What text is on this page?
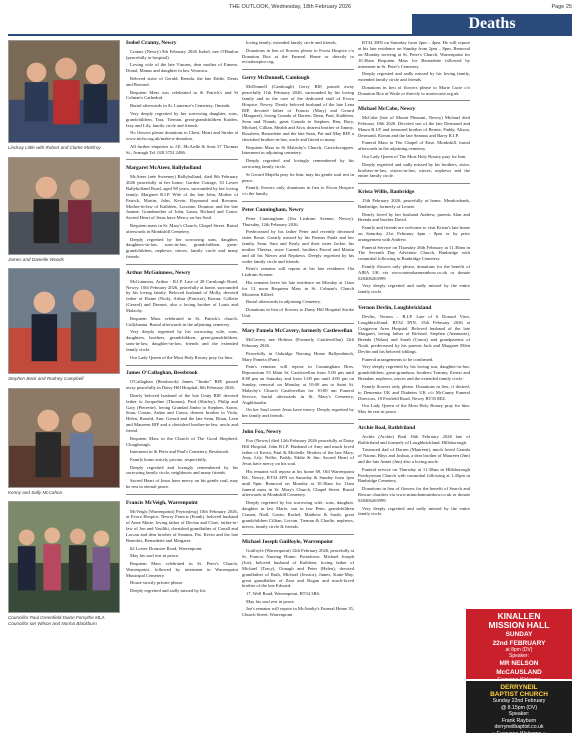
THE OUTLOOK, Wednesday, 18th February 2026	Page 25
Deaths
Lindsay Little with Robert and Clarke McElroy
James and Danielle Woods
Stephen Beck and Rodney Campbell
Kenny and Sally McCahon
Councillor Paul Greenfield Diane Forsythe MLA Councillor Ian Wilson and Norma Blackburn
Isobel Cranny, Newry

Cranny (Newry) 8th February 2026 Isobel, nee O'Hanlon (peacefully in hospital).

Loving wife of the late Vincent, dear mother of Eimear, Donal, Manus and daughter in law Veronica.

Beloved sister of Gerald, Brenda, the late Eddie, Denis and Bernard.

Requiem Mass was celebrated in St Patrick's and St Colman's Cathedral.

Burial afterwards in St. Laurence's Cemetery, Omeath.

Very deeply regretted by her sorrowing daughter, sons, grandchildren, Tara, Tiernan, great-grandchildren Kaiden, Izzy and Lily, family circle and friends.

No flowers please donations to Chest, Heart and Stroke at www.nichs.org.uk/make-a-donation.

All further enquiries to J.E. McArdle & Sons 37 Thomas St., Armagh Tel. 028 3752 2486.

Margaret McAteer, Ballyholland

McAteer (née Sweeney) Ballyholland, died 8th February 2026 peacefully at her home, Garden Cottage, 33 Lower Ballyholland Road, aged 98 years, surrounded by her loving family. Margaret R.I.P. Wife of the late John, Mother of Patrick, Martin, John, Kevin, Raymond and Rowann. Mother-in-law of Kathleen, Lorraine, Dominic and the late Joanne. Grandmother of John, Laura, Richard and Conor. Sacred Heart of Jesus have Mercy on her Soul.

Requiem mass in St. Mary's Church, Chapel Street. Burial afterwards in Monkshill Cemetery.

Deeply regretted by her sorrowing sons, daughter, daughters-in-law, sons-in-law, grandchildren, great-grandchildren, nephews, nieces, family circle and many friends.

Arthur McGuinness, Newry

McGuinness, Arthur - R.I.P. Late of 28 Carnlough Road, Newry. 10th February 2026, peacefully at home, surrounded by his loving family. Beloved husband of Molly, devoted father of Elaine (Nick), Arthur (Patricia), Kieran, Collette (Gerard) and Dermot, also a loving brother of Louis and Malachy.

Requiem Mass celebrated in St. Patrick's church, Cullyhanna. Burial afterwards in the adjoining cemetery.

Very deeply regretted by his sorrowing wife, sons, daughters, brothers, grandchildren, great-grandchildren, sons-in-law, daughter-in-law, friends and the extended family circle.

Our Lady Queen of the Most Holy Rosary pray for him.

James O'Callaghan, Bessbrook

O'Callaghan (Bessbrook) James "Jimbo" RIP, passed away peacefully in Daisy Hill Hospital, 8th February 2026.

Dearly beloved husband of the late Unity RIP, devoted father to Jacqueline (Thomas), Paul (Shirley), Philip and Gary (Pierrette), loving Grandad Jimbo to Stephen, Aaron, Sean, Ciaran, Aidan and Conor, dearest brother to Viola, Helen, Ronald, Ann, Gerard and the late Sean, Brian, Leen and Maureen RIP and a cherished brother-in-law, uncle and friend.

Requiem Mass in the Church of The Good Shepherd, Cloughreagh.

Interment in St Peter and Paul's Cemetery, Bessbrook.

Family home strictly private, respectfully.

Deeply regretted and lovingly remembered by his sorrowing family circle, neighbours and many friends.

Sacred Heart of Jesus have mercy on his gentle soul, may he rest in eternal peace.

Francis McVeigh, Warrenpoint

McVeigh (Warrenpoint) Peyton(esq) 10th February 2026, at Evora Hospice, Newry Francis (Frank), beloved husband of Anne Marie, loving father of Declan and Clare, father-in-law of Jon and Vasiliki, cherished grandfather of Conall and Lorcan and dear brother of Seamus, Pat, Kevin and the late Benedict, Bernadette and Margaret.

62 Lower Dromore Road, Warrenpoint.

May his soul rest in peace.

Requiem Mass celebrated in St. Peter's Church, Warrenpoint, followed by interment in Warrenpoint Municipal Cemetery.

House strictly private please.

Deeply regretted and sadly missed by his

loving family, extended family circle and friends.

Donations in lieu of flowers please to Evora Hospice c/o Donation Box at the Funeral Home or directly to evorahospice.org.

Gerry McDonnell, Camlough

McDonnell (Camlough) Gerry RIP, passed away peacefully 11th February 2026, surrounded by his loving family and in the care of the dedicated staff of Evora Hospice, Newry. Dearly beloved husband of the late Lena RIP, devoted father of Francis (Mary) and Gerard (Margaret), loving Granda of Darren, Dean, Paul, Kathleen, Sean and Niamh, great Granda to Stephen, Ben, Rory, Michael, Cillian, Meabh and Aiva, dearest brother of Jimmy, Rosaleen, Bernadette and the late Sean, Pat and May RIP, a cherished brother-in-law, uncle and friend to many.

Requiem Mass in St Malachy's Church, Carrickcruppen. Interment in adjoining cemetery.

Deeply regretted and lovingly remembered by his sorrowing family circle.

St Gerard Majella pray for him, may his gentle soul rest in peace.

Family flowers only, donations in lieu to Evora Hospice c/o the family.

Peter Cunningham, Newry

Peter Cunningham (16a Lisdrum Avenue, Newry), Thursday, 12th February 2026.

Predeceased by his father Peter and recently deceased sister Rosie. Greatly missed by his Partner Paula and her family, Sean, Sara and Kealy and their sister Jackie, his mother Theresa, sister Carmel, brothers Pascal and Martin and all his Nieces and Nephews. Deeply regretted by his wider family circle and friends.

Peter's remains will repose at his late residence 16a Lisdrum Avenue.

His remains leave his late residence on Monday at 11am for 12 noon Requiem Mass in St. Colman's Church Mourtern Killeel.

Burial afterwards in adjoining Cemetery.

Donations in lieu of flowers to Daisy Hill Hospital Stroke Unit.

Mary Pamela McCavery, formerly Castlewellan

McCavery nee Holmes (Formerly Castlewellan) 12th February 2026.

Peacefully in Oakridge Nursing Home Ballynahinch, Mary Pamela (Pam).

Pam's remains will repose in Cunningham Bros. Reposerium 53 Main St. Castlewellan from 5:00 pm until 8:00 pm on Saturday and from 1:00 pm until 4:00 pm on Sunday, removal on Monday at 10:00 am to Saint St. Malachy's Church Castlewellan for 10:00 am Funeral Service, burial afterwards in St. Mary's Cemetery, Aughlisnafin.

On her Soul sweet Jesus have mercy. Deeply regretted by her family and friends.

John Fox, Newry

Fox (Newry) died 12th February 2026 peacefully at Daisy Hill Hospital. John R.I.P. Husband of Amy and much loved father of Kevin, Paul & Michelle. Brother of the late Mary, Amy, Lily, Nellie, Paddy, Eddie & Jim. Sacred Heart of Jesus have mercy on his soul.

His remains will repose at his home 69, Old Warrenpoint Rd., Newry, BT34 2PN on Saturday & Sunday from 1pm until 9pm. Removal on Monday at 10.30am for 11am funeral mass in St. Mary's Church, Chapel Street. Burial afterwards in Monkshill Cemetery.

Deeply regretted by his sorrowing wife, sons, daughter, daughter in law Marie, son in law Peter, grandchildren Cianan, Niall, Gavin, Rachel, Matthew & Sarah, great grandchildren Cillian, Lorcan, Tiernan & Charlie, nephews, nieces, family circle & friends.

Michael Joseph Guilfoyle, Warrenpoint

Guilfoyle (Warrenpoint) 12th February 2026, peacefully at St. Francis Nursing Home, Portadown. Michael Joseph (Joe), beloved husband of Kathleen, loving father of Michael (Tracy), Oonagh and Peter (Helen), devoted grandfather of Ruth, Michael (Jessica), James, Katie-May, great grandfather of Zara and Rogan and much-loved brother of the late Edward.

17, Well Road, Warrenpoint, BT34 3RS.

May his soul rest in peace.

Joe's remains will repose in McAnulty's Funeral Home 35, Church Street, Warrenpoint

BT34 3HN on Saturday from 2pm – 4pm. He will repose at his late residence on Sunday from 2pm – 8pm. Removal on Monday arriving at St. Peter's Church, Warrenpoint for 10.30am Requiem Mass for Bernadette followed by interment in St. Peter's Cemetery.

Deeply regretted and sadly missed by his loving family, extended family circle and friends.

Donations in lieu of flowers please to Marie Curie c/o Donation Box at Waile or directly to mariecurie.org.uk

Michael McCabe, Newry

McCabe (late of Mount Pleasant, Newry) Michael died February 18th 2026. Devoted son of the late Desmond and Maura R.I.P. and treasured brother of Bernie, Paddy, Alison, Desmond, Kieran and the late Seamus and Barry R.I.P.

Funeral Mass in The Chapel of Ease, Monkshill, burial afterwards in the adjoining cemetery.

Our Lady Queen of The Most Holy Rosary pray for him.

Deeply regretted and sadly missed by his brothers, sister, brothers-in-law, sisters-in-law, nieces, nephews and the entire family circle.

Krista Willis, Banbridge

15th February 2026, peacefully at home, Meadowbank, Banbridge, formerly of Lenzie.

Dearly loved by her husband Andrew, parents Alan and Brenda and brother David.

Family and friends are welcome to visit Krista's late home on Saturday 21st February 4pm - 8pm or by prior arrangement with Andrew.

Funeral Service on Thursday 26th February at 11.30am in The Seventh Day Adventist Church, Banbridge with committal following in Banbridge Cemetery.

Family flowers only please, donations for the benefit of AIRA UK via www.mimohamrainbow.co.uk or donate 028406263999

Very deeply regretted and sadly missed by the entire family circle.

Vernon Devlin, Loughbrickland

Devlin, Vernon – R.I.P. Late of 6 Donard View, Loughbrickland, BT32 3NN, 15th February 2026 at Craigavon Area Hospital. Beloved husband of the late Margaret, loving father of Richard, Stephen (Annmarie), Brenda (Nolan) and Sarah (Conor) and grandparents of Noah, predeceased by his parents Jack and Margaret Ellen Devlin and his beloved siblings.

Funeral arrangements to be confirmed.

Very deeply regretted by his loving son, daughter-in-law, grandchildren, great-grandson, brothers Tommy, Ernest and Brendan, nephews, nieces and the extended family circle.

Family flowers only please. Donations in lieu, if desired, to Dementia UK and Diabetes UK c/o McCanny Funeral Directors, 18 Foxfield Road, Newry BT35 8EZ.

Our Lady Queen of the Most Holy Rosary pray for him. May he rest in peace.

Archie Boal, Rathfriland

Archie (Archie) Boal 16th February 2026 late of Rathfriland and formerly of Loughbrickland, Hillsborough.

Treasured dad of Darren (Maureen), much loved Granda of Naomi, Rhys and Joshua, a dear brother of Maureen (Jim) and the late Annie (Jim) also a loving uncle.

Funeral service on Thursday at 11.30am in Hillsborough Presbyterian Church with committal following at 1.45pm in Banbridge Cemetery.

Donations in lieu of flowers for the benefit of Search and Rescue charities via www.mimohamrainbow.co.uk or donate 028406263999.

Very deeply regretted and sadly missed by the entire family circle.

KINALLEN
MISSION HALL
SUNDAY
22nd FEBRUARY
at 8pm (DV)
Speaker:
MR NELSON
McCAUSLAND
DERRYNEIL
BAPTIST CHURCH
Sunday 22nd February
@ 8.15pm (DV)
Speaker:
Frank Rayburn
derryneilbaptist.co.uk
~ Everyone Welcome ~
